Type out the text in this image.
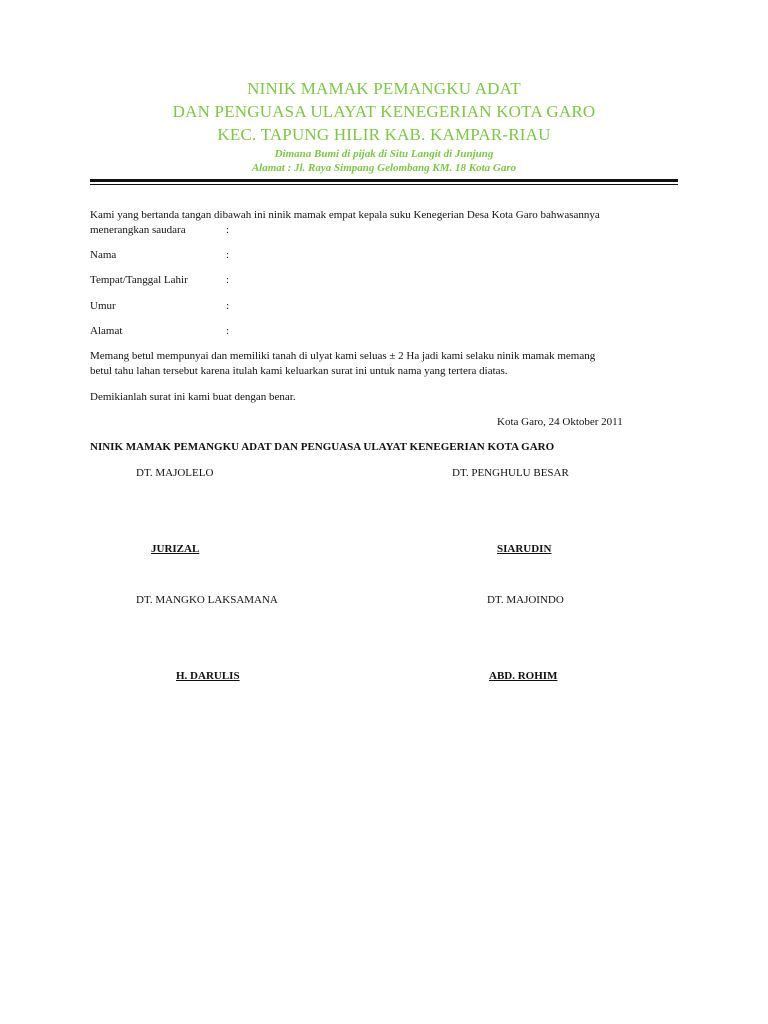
NINIK MAMAK PEMANGKU ADAT
DAN PENGUASA ULAYAT KENEGERIAN KOTA GARO
KEC. TAPUNG HILIR KAB. KAMPAR-RIAU
Dimana Bumi di pijak di Situ Langit di Junjung
Alamat : Jl. Raya Simpang Gelombang KM. 18 Kota Garo
Kami yang bertanda tangan dibawah ini ninik mamak empat kepala suku Kenegerian Desa Kota Garo bahwasannya
menerangkan saudara	:
Nama	:
Tempat/Tanggal Lahir	:
Umur	:
Alamat	:
Memang betul mempunyai dan memiliki tanah di ulyat kami seluas ± 2 Ha jadi kami selaku ninik mamak memang
betul tahu lahan tersebut karena itulah kami keluarkan surat ini untuk nama yang tertera diatas.
Demikianlah surat ini kami buat dengan benar.
Kota Garo, 24 Oktober 2011
NINIK MAMAK PEMANGKU ADAT DAN PENGUASA ULAYAT KENEGERIAN KOTA GARO
DT. MAJOLELO	DT. PENGHULU BESAR
JURIZAL	SIARUDIN
DT. MANGKO LAKSAMANA	DT. MAJOINDO
H. DARULIS	ABD. ROHIM
